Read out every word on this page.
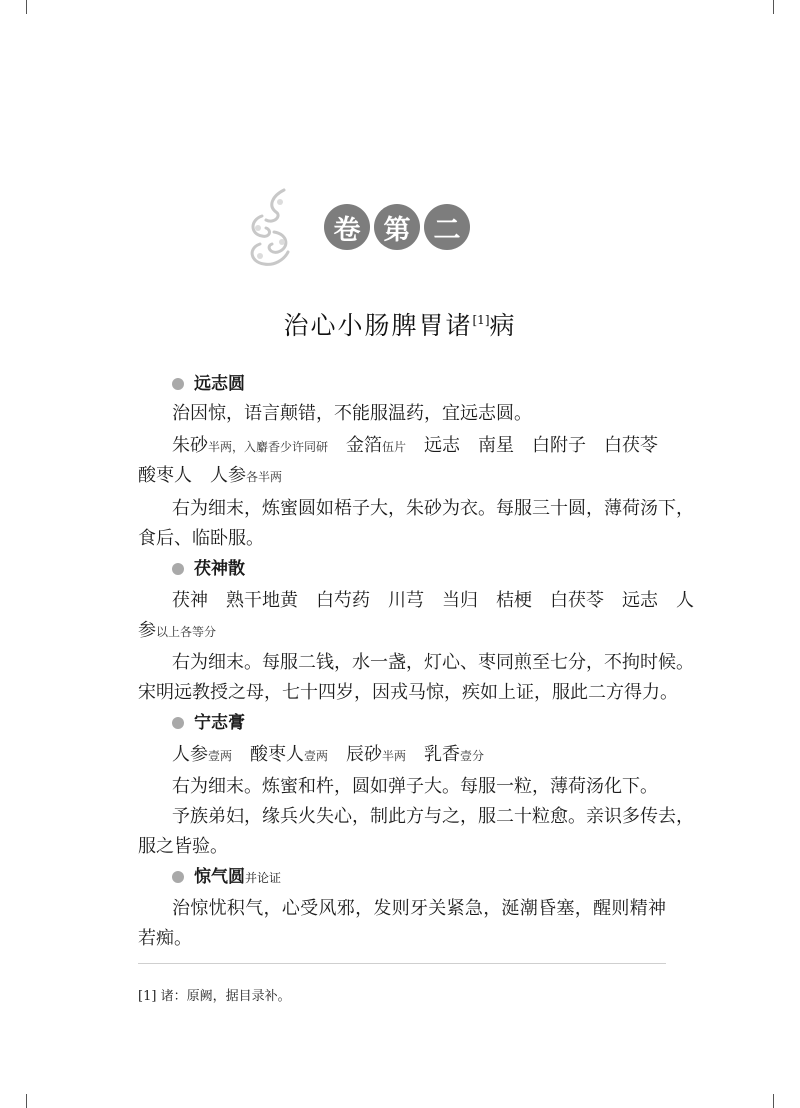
卷 第 二
治心小肠脾胃诸[1]病
远志圆
治因惊，语言颠错，不能服温药，宜远志圆。
朱砂半两，入麝香少许同研　 金箔伍片　 远志　南星　白附子　白茯苓
酸枣人　人参各半两
右为细末，炼蜜圆如梧子大，朱砂为衣。每服三十圆，薄荷汤下，
食后、临卧服。
茯神散
茯神　熟干地黄　白芍药　川芎　当归　桔梗　白茯苓　远志　人
参以上各等分
右为细末。每服二钱，水一盏，灯心、枣同煎至七分，不拘时候。
宋明远教授之母，七十四岁，因戎马惊，疾如上证，服此二方得力。
宁志膏
人参壹两　 酸枣人壹两　 辰砂半两　 乳香壹分
右为细末。炼蜜和杵，圆如弹子大。每服一粒，薄荷汤化下。
予族弟妇，缘兵火失心，制此方与之，服二十粒愈。亲识多传去，
服之皆验。
惊气圆并论证
治惊忧积气，心受风邪，发则牙关紧急，涎潮昏塞，醒则精神
若痴。
[1] 诸：原阙，据目录补。
